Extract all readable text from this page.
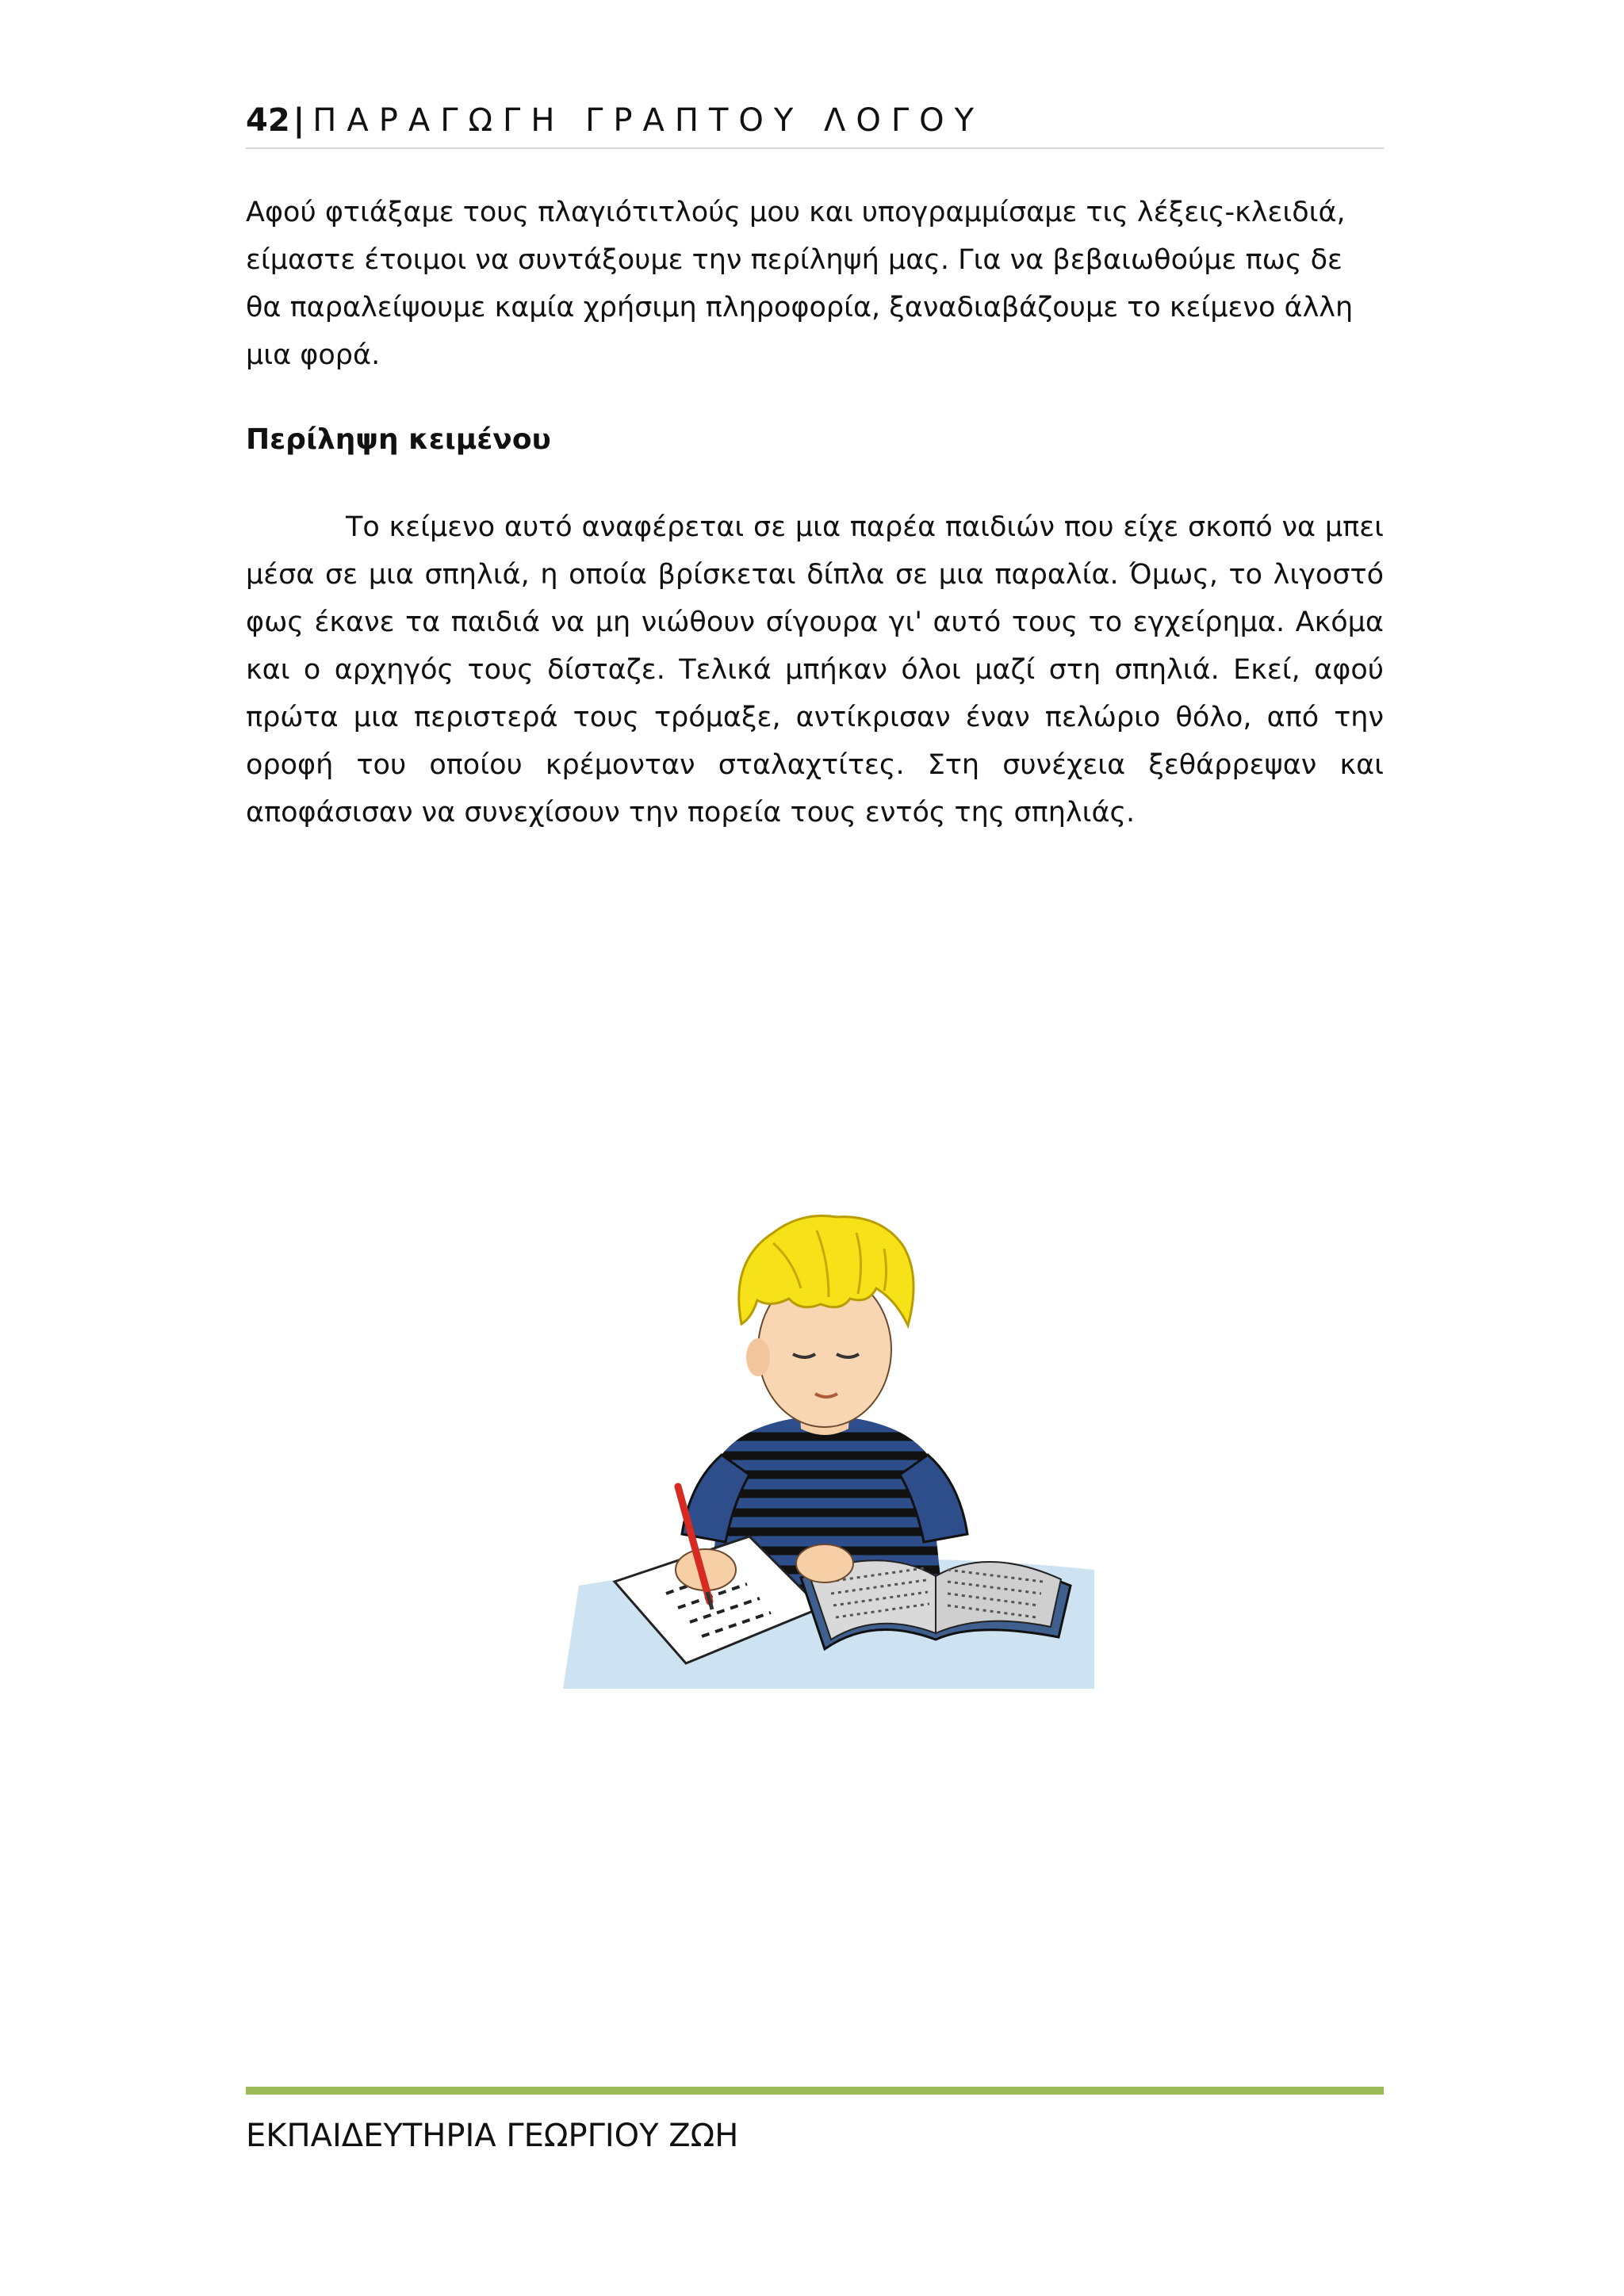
42 | ΠΑΡΑΓΩΓΗ ΓΡΑΠΤΟΥ ΛΟΓΟΥ
Αφού φτιάξαμε τους πλαγιότιτλούς μου και υπογραμμίσαμε τις λέξεις-κλειδιά, είμαστε έτοιμοι να συντάξουμε την περίληψή μας. Για να βεβαιωθούμε πως δε θα παραλείψουμε καμία χρήσιμη πληροφορία, ξαναδιαβάζουμε το κείμενο άλλη μια φορά.
Περίληψη κειμένου
Το κείμενο αυτό αναφέρεται σε μια παρέα παιδιών που είχε σκοπό να μπει μέσα σε μια σπηλιά, η οποία βρίσκεται δίπλα σε μια παραλία. Όμως, το λιγοστό φως έκανε τα παιδιά να μη νιώθουν σίγουρα γι' αυτό τους το εγχείρημα. Ακόμα και ο αρχηγός τους δίσταζε. Τελικά μπήκαν όλοι μαζί στη σπηλιά. Εκεί, αφού πρώτα μια περιστερά τους τρόμαξε, αντίκρισαν έναν πελώριο θόλο, από την οροφή του οποίου κρέμονταν σταλαχτίτες. Στη συνέχεια ξεθάρρεψαν και αποφάσισαν να συνεχίσουν την πορεία τους εντός της σπηλιάς.
ΕΚΠΑΙΔΕΥΤΗΡΙΑ ΓΕΩΡΓΙΟΥ ΖΩΗ
